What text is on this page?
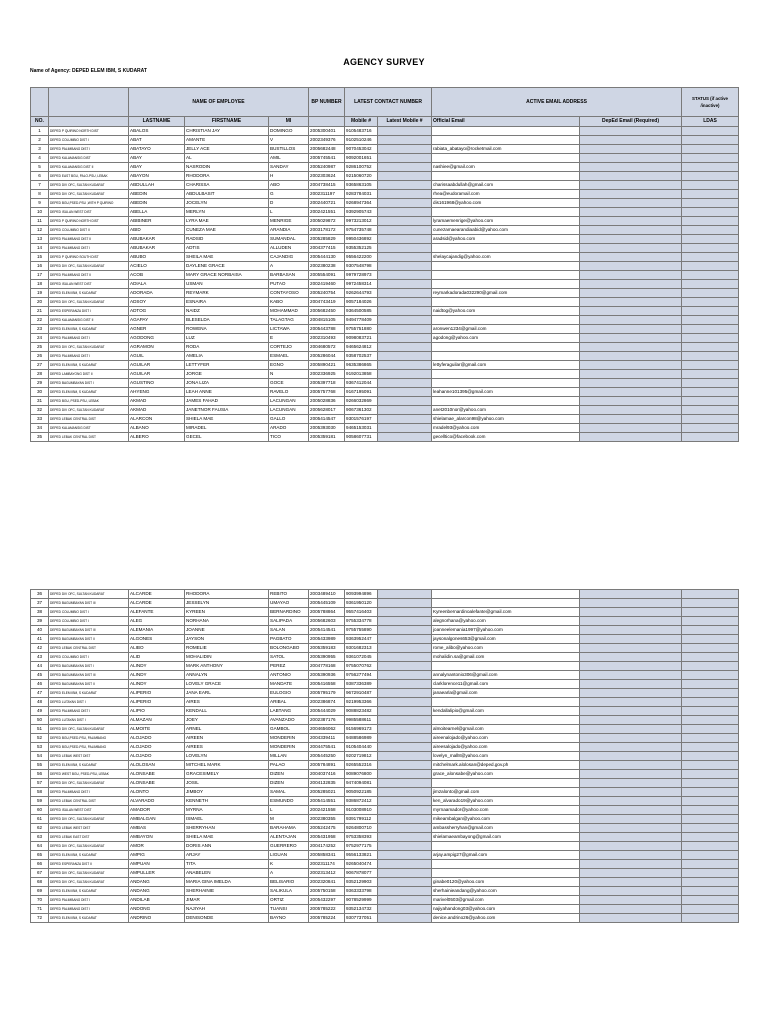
AGENCY SURVEY
Name of Agency: DEPED ELEM IBM, S KUDARAT
		NAME OF EMPLOYEE			BP NUMBER	LATEST CONTACT NUMBER		ACTIVE EMAIL ADDRESS		STATUS (if active /inactive)
NO.		LASTNAME	FIRSTNAME	MI		Mobile #	Latest Mobile #	Official Email	DepEd Email (Required)	LDAS
1	DEPED P QUIRINO NORTH DIST	ABALOS	CHRISTIAN JAY	DOMINGO	2005300401	9105483716				
2	DEPED COLUMBIO DIST I	ABAT	AMANTE	V	2002349376	9102510246				
3	DEPED PALIMBANG DIST I	ABATAYO	JELLY ACE	BUSTILLOS	2005682448	9070453042		rabiata_abatayo@rocketmail.com		
4	DEPED KALAMANSIG DIST	ABAY	AL	AMIL	2005745541	9092001651				
5	DEPED KALAMANSIG DIST II	ABAY	NASRODIN	SANDAY	2005240987	9286100752		nashiee@gmail.com		
6	DEPED EAST BGU, PALO-PSU, LEBAK	ABAYON	RHODORA	H	2002303624	9215060720				
7	DEPED DIV OFC, SULTAN KUDARAT	ABDULLAH	CHARISSA	ABO	2004738415	9365863105		charissaabdullah@gmail.com		
8	DEPED DIV OFC, SULTAN KUDARAT	ABEDIN	ABDULBASIT	G	2002311197	9283784031		rhea@eudoramail.com		
9	DEPED BGU,PSED-PSU ,WITH P QUIRINO	ABEDIN	JOCELYN	D	2002440721	9268947364		dis161968@yahoo.com		
10	DEPED ISULAN WEST DIST	ABELLA	MERLYN	L	2002421551	9392905743				
11	DEPED P QUIRINO NORTH DIST	ABIBINER	LYRA MAE	MENRIGE	2005029872	9973213012		lyramaemenrige@yahoo.com		
12	DEPED COLUMBIO DIST II	ABID	CUNEZA MAE	ARANDIA	2003178172	9754735748		cunezamaearandiaabid@yahoo.com		
13	DEPED PALIMBANG DIST II	ABUBAKAR	RADSID	SUMANDAL	2005285829	9950436892		aradsid@yahoo.com		
14	DEPED PALIMBANG DIST I	ABUBAKAR	ADTIS	ALLUDEN	2004377415	9355352125				
15	DEPED P QUIRINO SOUTH DIST	ABUBO	SHEILA MAE	CAJANDIG	2005444130	9556422200		shelaycajandig@yahoo.com		
16	DEPED DIV OFC, SULTAN KUDARAT	ACIELO	DAYLENE GRACE	A	2002380238	9307548798				
17	DEPED PALIMBANG DIST II	ACOB	MARY GRACE NORBAISA	BARBASAN	2005554091	9979728973				
18	DEPED ISULAN WEST DIST	ADIALA	USMAN	PUTAO	2002419460	9972458314				
19	DEPED ELEM IBM, S KUDARAT	ADORADA	REYMARK	CONTAYOSO	2005240754	9262644793		reymarkadorada032290@gmail.com		
20	DEPED DIV OFC, SULTAN KUDARAT	ADSOY	ESNAIRA	KABO	2004743419	9057184026				
21	DEPED ESPERANZA DIST I	ADTOG	NAIDZ	MOHAMMAD	2005682450	9364500585		naidtog@yahoo.com		
22	DEPED KALAMANSIG DIST II	AGAPAY	BLESELDA	TALAGTAG	2004815105	9494778409				
23	DEPED ELEM IBM, S KUDARAT	AGNER	ROWENA	LICTAWA	2005443788	9755751880		aronwen1234@gmail.com		
24	DEPED PALIMBANG DIST I	AGODONG	LUZ	E	2002310493	9098083721		agodong@yahoo.com		
25	DEPED DIV OFC, SULTAN KUDARAT	AGRAMON	RODA	CORTEJO	2004680572	9465624812				
26	DEPED PALIMBANG DIST I	AGUIL	AMELIA	ESMAEL	2005286044	9358702537				
27	DEPED ELEM IBM, S KUDARAT	AGUILAR	LETTYFER	EGNO	2005890421	9635386865		lettyferaguilar@gmail.com		
28	DEPED LAMBAYONG DIST II	AGUILAR	JORGE	N	2002336925	9192013858				
29	DEPED BAGUMBAYAN DIST I	AGUSTINO	JONA LIZA	GOCE	2005397718	9367412044				
30	DEPED ELEM IBM, S KUDARAT	AHYENG	LEAH ANNE	RAVELO	2005757768	9167195091		leahanne101395@gmail.com		
31	DEPED BGU, PSED-PSU, LEBAK	AKMAD	JAMES FAHAD	LACUNGAN	2005028836	9266032869				
32	DEPED DIV OFC, SULTAN KUDARAT	AKMAD	JANETNOR FAUSIA	LACUNGAN	2005628017	9067361302		anet2010nor@yahoo.com		
33	DEPED LEBAK CENTRAL DIST	ALARCON	SHIELA MAE	GALLO	2005414547	9301576197		shielamae_alarcon98@yahoo.com		
34	DEPED KALAMANSIG DIST	ALBANO	MIRADEL	ARADO	2005393030	9465153031		mradel93@yahoo.com		
35	DEPED LEBAK CENTRAL DIST	ALBERO	GECEL	TICO	2005359181	9058607731		gecelltico@facebook.com		
36	DEPED DIV OFC, SULTAN KUDARAT	ALCARDE	RHODORA	REBITO	2003489410	9093994896				
37	DEPED BAGUMBAYAN DIST III	ALCARDE	JESSELYN	UMAYAO	2005445109	9361950120				
38	DEPED COLUMBIO DIST I	ALEFANTE	KYREEN	BERNARDINO	2005788864	9557416403		Kyreenbernardinoalefante@gmail.com		
39	DEPED COLUMBIO DIST I	ALEG	NORHANA	SALIPADA	2005682603	9755334778		alegnorhana@yahoo.com		
40	DEPED BAGUMBAYAN DIST III	ALEMANIA	JOANNE	SALAN	2005414541	9755755890		joanneelemania1997@yahoo.com		
41	DEPED BAGUMBAYAN DIST II	ALGONES	JAYSON	PAGBATO	2005433989	9363952447		jaysonalgones653@gmail.com		
42	DEPED LEBAK CENTRAL DIST	ALIBO	ROMELIE	BOLONGABO	2005359183	9301682313		rome_alibo@yahoo.com		
43	DEPED COLUMBIO DIST I	ALID	MOHALIDIN	SATOL	2005390955	9361072045		mohalidin.sa@gmail.com		
44	DEPED BAGUMBAYAN DIST I	ALINDY	MARK ANTHONY	PEREZ	2004778168	9755070762				
45	DEPED BAGUMBAYAN DIST III	ALINDY	ANNALYN	ANTONIO	2005390936	9756277494		annalynantonio306@gmail.com		
46	DEPED BAGUMBAYAN DIST II	ALINDY	LOVELY GRACE	MANDATE	2005416558	9387336389		clarklorence11@gmail.com		
47	DEPED ELEM IBM, S KUDARAT	ALIPERIO	JANA EARL	EULOGIO	2005795179	9672910487		janaearla@gmail.com		
48	DEPED LUTAYAN DIST I	ALIPERIO	AIRES	ARIBAL	2002386874	9219953366				
49	DEPED PALIMBANG DIST I	ALIPIO	KENDALL	LABTANG	2005444029	9088823482		kendallalipio@gmail.com		
50	DEPED LUTAYAN DIST I	ALMAZAN	JOEY	AVANZADO	2002387176	9985588611				
51	DEPED DIV OFC, SULTAN KUDARAT	ALMOITE	ARNEL	GAMBOL	2004656062	9156969173		almoitearnel@gmail.com		
52	DEPED BGU,PSED-PSU, PALIMBANG	ALOJADO	AIREEN	MONDERIN	2004339411	9488586989		aireenalojado@yahoo.com		
53	DEPED BGU,PSED-PSU, PALIMBANG	ALOJADO	AIREES	MONDERIN	2004475541	9105404440		aireesalojado@yahoo.com		
54	DEPED LEBAK WEST DIST	ALOJADO	LOVELYN	MILLAN	2005445250	9202719812		lovelyn_mall8@yahoo.com		
55	DEPED ELEM IBM, S KUDARAT	ALOLOSAN	MITCHEL MARK	PALAO	2005784891	9265552316		mitchelmark.alolosan@deped.gov.ph		
56	DEPED WEST BGU, PSED-PSU, LEBAK	ALONSABE	GRACESIMELY	DIZEN	2004037416	9089076800		grace_alonsabe@yahoo.com		
57	DEPED DIV OFC, SULTAN KUDARAT	ALONSABE	JOSIL	DIZEN	2004132835	9474094081				
58	DEPED PALIMBANG DIST I	ALONTO	JIMBOY	SAMAL	2005285021	9050922185		jimzalonto@gmail.com		
59	DEPED LEBAK CENTRAL DIST	ALVARADO	KENNETH	ESMUNDO	2005414551	9386872412		ken_alvarado19@yahoo.com		
60	DEPED ISULAN WEST DIST	AMADOR	MYRNA	L	2002421558	9103008910		myrnaamador@yahoo.com		
61	DEPED DIV OFC, SULTAN KUDARAT	AMBALGAN	ISMAEL	M	2002380355	9391799112		mikeambalgan@yahoo.com		
62	DEPED LEBAK WEST DIST	AMBAS	SHERRYHAN	BARAHAMA	2005242475	9264800710		ambassherryhan@gmail.com		
63	DEPED LEBAK EAST DIST	AMBAYON	SHIELA MAE	ALENTAJAN	2005431958	9753358393		shielamaeambayong@gmail.com		
64	DEPED DIV OFC, SULTAN KUDARAT	AMOR	DORIS ANN	GUERRERO	2004174252	9752977175				
65	DEPED ELEM IBM, S KUDARAT	AMPIG	ARJAY	LIGUAN	2005858341	9556133821		arjay.ampig27@gmail.com		
66	DEPED ESPERANZA DIST II	AMPUAN	TITA	K	2002311174	9265040474				
67	DEPED DIV OFC, SULTAN KUDARAT	AMPULLER	ANABELEN	A	2002313412	9067878077				
68	DEPED DIV OFC, SULTAN KUDARAT	ANDANG	MARIA GINA IMELDA	BELISARIO	2002320841	9352129903		ginabe0120@yahoo.com		
69	DEPED ELEM IBM, S KUDARAT	ANDANG	SHERHAINIE	SALIKULA	2005750158	9363333798		sherhainieandang@yahoo.com		
70	DEPED PALIMBANG DIST I	ANDILAB	JIMAR	ORTIZ	2005432297	9078529999		marivel0503@gmail.com		
71	DEPED PALIMBANG DIST I	ANDONG	NAJIYAH	TUANSI	2005785222	9352134732		najiyahandong03@yahoo.com		
72	DEPED ELEM IBM, S KUDARAT	ANDRINO	DENISONDE	BAYNO	2005785224	9307737051		denice.andrino26@yahoo.com		
